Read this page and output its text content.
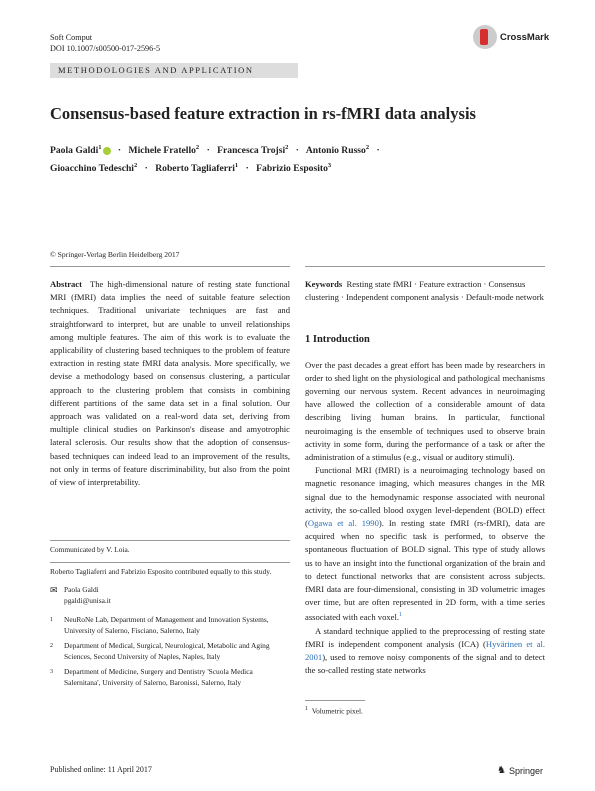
Soft Comput
DOI 10.1007/s00500-017-2596-5
CrossMark
METHODOLOGIES AND APPLICATION
Consensus-based feature extraction in rs-fMRI data analysis
Paola Galdi$^1$ · Michele Fratello$^2$ · Francesca Trojsi$^2$ · Antonio Russo$^2$ ·
Gioacchino Tedeschi$^2$ · Roberto Tagliaferri$^1$ · Fabrizio Esposito$^3$
© Springer-Verlag Berlin Heidelberg 2017

Abstract The high-dimensional nature of resting state functional MRI (fMRI) data implies the need of suitable feature selection techniques. Traditional univariate techniques are fast and straightforward to interpret, but are unable to unveil relationships among multiple features. The aim of this work is to evaluate the applicability of clustering based techniques to the problem of feature extraction in resting state fMRI data analysis. More specifically, we devise a methodology based on consensus clustering, a particular approach to the clustering problem that consists in combining different partitions of the same data set in a final solution. Our approach was validated on a real-word data set, deriving from multiple clinical studies on Parkinson's disease and amyotrophic lateral sclerosis. Our results show that the adoption of consensus-based techniques can indeed lead to an improvement of the results, not only in terms of feature discriminability, but also from the point of view of interpretability.

Communicated by V. Loia.
Roberto Tagliaferri and Fabrizio Esposito contributed equally to this study.
✉ Paola Galdi
pgaldi@unisa.it
1	NeuRoNe Lab, Department of Management and Innovation Systems, University of Salerno, Fisciano, Salerno, Italy
2	Department of Medical, Surgical, Neurological, Metabolic and Aging Sciences, Second University of Naples, Naples, Italy
3	Department of Medicine, Surgery and Dentistry 'Scuola Medica Salernitana', University of Salerno, Baronissi, Salerno, Italy

Keywords Resting state fMRI · Feature extraction · Consensus clustering · Independent component analysis · Default-mode network

1 Introduction

Over the past decades a great effort has been made by researchers in order to shed light on the physiological and pathological mechanisms governing our nervous system. Recent advances in neuroimaging have allowed the collection of a considerable amount of data describing living human brains. In particular, functional neuroimaging is the ensemble of techniques used to observe brain activity in some form, during the performance of a task or after the administration of a stimulus (e.g., visual or auditory stimuli).

Functional MRI (fMRI) is a neuroimaging technology based on magnetic resonance imaging, which measures changes in the MR signal due to the hemodynamic response associated with neuronal activity, the so-called blood oxygen level-dependent (BOLD) effect (Ogawa et al. 1990). In resting state fMRI (rs-fMRI), data are acquired when no specific task is performed, to observe the spontaneous fluctuation of BOLD signal. This type of study allows us to have an insight into the functional organization of the brain and to detect functional networks that are consistent across subjects. fMRI data are four-dimensional, consisting in 3D volumetric images over time, but are often represented in 2D form, with a time series associated with each voxel.$^1$

A standard technique applied to the preprocessing of resting state fMRI is independent component analysis (ICA) (Hyvärinen et al. 2001), used to remove noisy components of the signal and to detect the so-called resting state networks

$^1$ Volumetric pixel.
Published online: 11 April 2017	♞ Springer
